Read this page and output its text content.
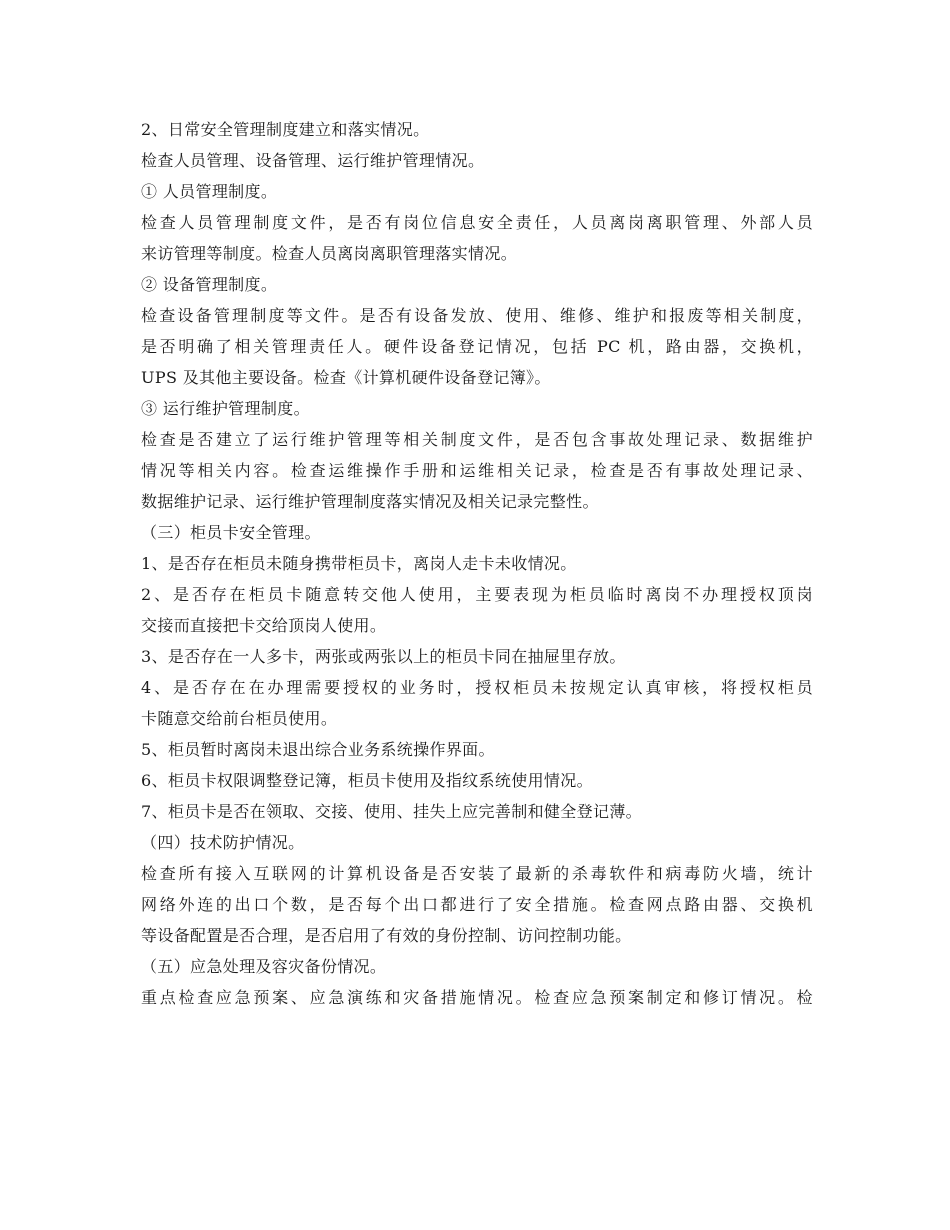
2、日常安全管理制度建立和落实情况。
检查人员管理、设备管理、运行维护管理情况。
① 人员管理制度。
检查人员管理制度文件，是否有岗位信息安全责任，人员离岗离职管理、外部人员
来访管理等制度。检查人员离岗离职管理落实情况。
② 设备管理制度。
检查设备管理制度等文件。是否有设备发放、使用、维修、维护和报废等相关制度，
是否明确了相关管理责任人。硬件设备登记情况，包括 PC 机，路由器，交换机，
UPS 及其他主要设备。检查《计算机硬件设备登记簿》。
③ 运行维护管理制度。
检查是否建立了运行维护管理等相关制度文件，是否包含事故处理记录、数据维护
情况等相关内容。检查运维操作手册和运维相关记录，检查是否有事故处理记录、
数据维护记录、运行维护管理制度落实情况及相关记录完整性。
（三）柜员卡安全管理。
1、是否存在柜员未随身携带柜员卡，离岗人走卡未收情况。
2、是否存在柜员卡随意转交他人使用，主要表现为柜员临时离岗不办理授权顶岗
交接而直接把卡交给顶岗人使用。
3、是否存在一人多卡，两张或两张以上的柜员卡同在抽屉里存放。
4、是否存在在办理需要授权的业务时，授权柜员未按规定认真审核，将授权柜员
卡随意交给前台柜员使用。
5、柜员暂时离岗未退出综合业务系统操作界面。
6、柜员卡权限调整登记簿，柜员卡使用及指纹系统使用情况。
7、柜员卡是否在领取、交接、使用、挂失上应完善制和健全登记薄。
（四）技术防护情况。
检查所有接入互联网的计算机设备是否安装了最新的杀毒软件和病毒防火墙，统计
网络外连的出口个数，是否每个出口都进行了安全措施。检查网点路由器、交换机
等设备配置是否合理，是否启用了有效的身份控制、访问控制功能。
（五）应急处理及容灾备份情况。
重点检查应急预案、应急演练和灾备措施情况。检查应急预案制定和修订情况。检
